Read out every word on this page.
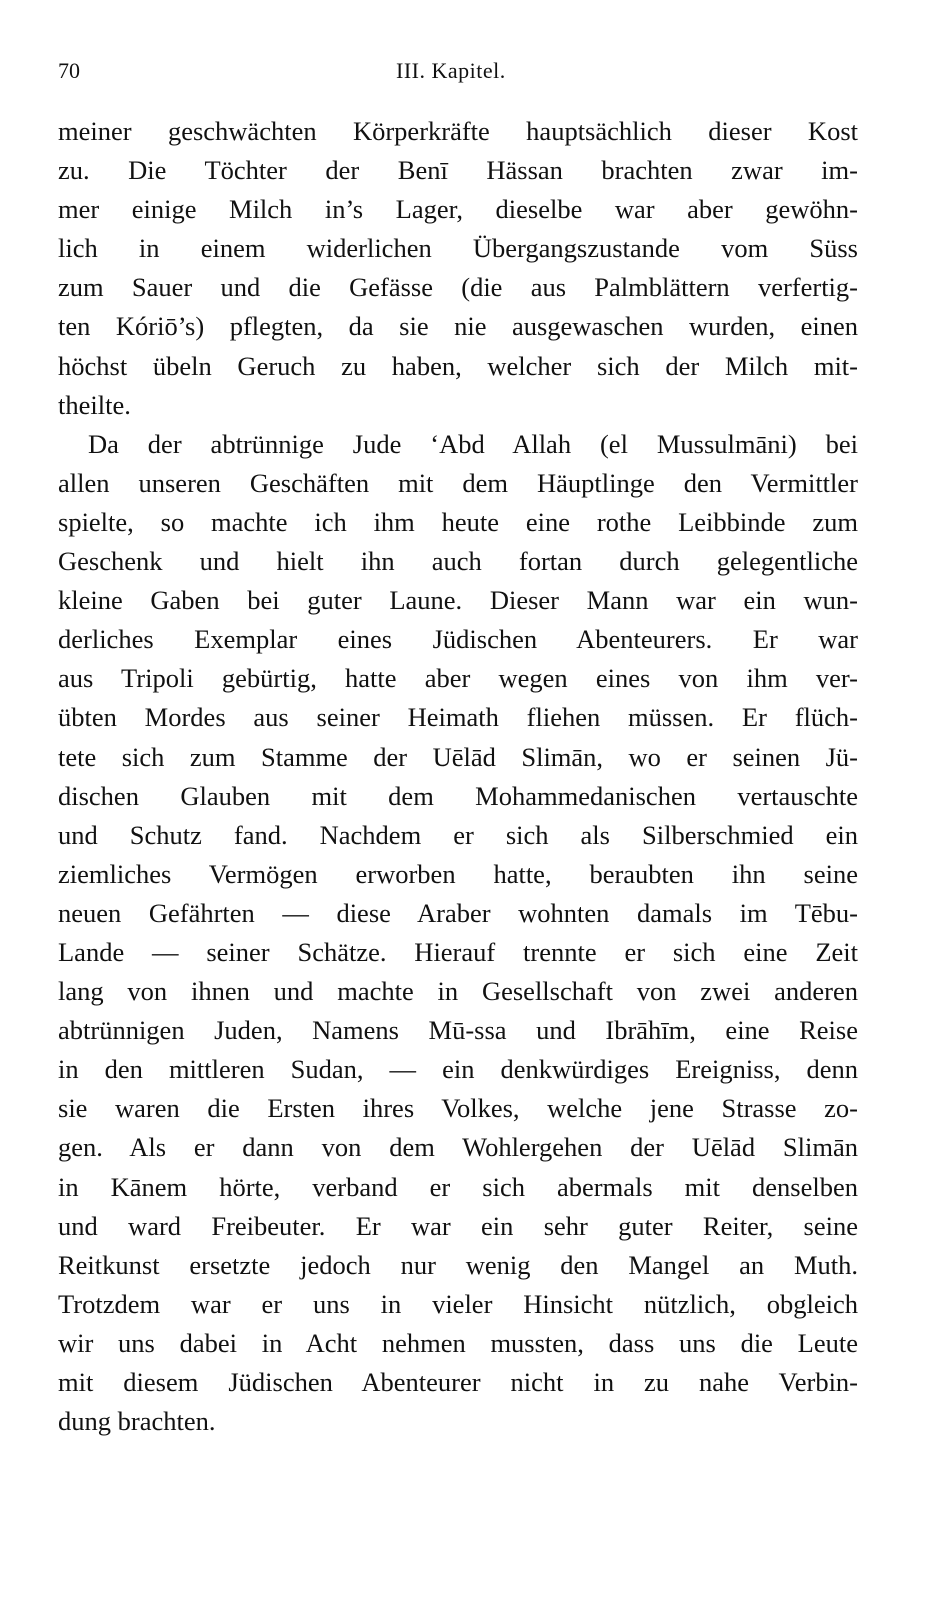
70	III. Kapitel.
meiner geschwächten Körperkräfte hauptsächlich dieser Kost
zu. Die Töchter der Benī Hässan brachten zwar im-
mer einige Milch in’s Lager, dieselbe war aber gewöhn-
lich in einem widerlichen Übergangszustande vom Süss
zum Sauer und die Gefässe (die aus Palmblättern verfertig-
ten Kóriō’s) pflegten, da sie nie ausgewaschen wurden, einen
höchst übeln Geruch zu haben, welcher sich der Milch mit-
theilte.
Da der abtrünnige Jude ‘Abd Allah (el Mussulmāni) bei
allen unseren Geschäften mit dem Häuptlinge den Vermittler
spielte, so machte ich ihm heute eine rothe Leibbinde zum
Geschenk und hielt ihn auch fortan durch gelegentliche
kleine Gaben bei guter Laune. Dieser Mann war ein wun-
derliches Exemplar eines Jüdischen Abenteurers. Er war
aus Tripoli gebürtig, hatte aber wegen eines von ihm ver-
übten Mordes aus seiner Heimath fliehen müssen. Er flüch-
tete sich zum Stamme der Uēlād Slimān, wo er seinen Jü-
dischen Glauben mit dem Mohammedanischen vertauschte
und Schutz fand. Nachdem er sich als Silberschmied ein
ziemliches Vermögen erworben hatte, beraubten ihn seine
neuen Gefährten — diese Araber wohnten damals im Tēbu-
Lande — seiner Schätze. Hierauf trennte er sich eine Zeit
lang von ihnen und machte in Gesellschaft von zwei anderen
abtrünnigen Juden, Namens Mū-ssa und Ibrāhīm, eine Reise
in den mittleren Sudan, — ein denkwürdiges Ereigniss, denn
sie waren die Ersten ihres Volkes, welche jene Strasse zo-
gen. Als er dann von dem Wohlergehen der Uēlād Slimān
in Kānem hörte, verband er sich abermals mit denselben
und ward Freibeuter. Er war ein sehr guter Reiter, seine
Reitkunst ersetzte jedoch nur wenig den Mangel an Muth.
Trotzdem war er uns in vieler Hinsicht nützlich, obgleich
wir uns dabei in Acht nehmen mussten, dass uns die Leute
mit diesem Jüdischen Abenteurer nicht in zu nahe Verbin-
dung brachten.
